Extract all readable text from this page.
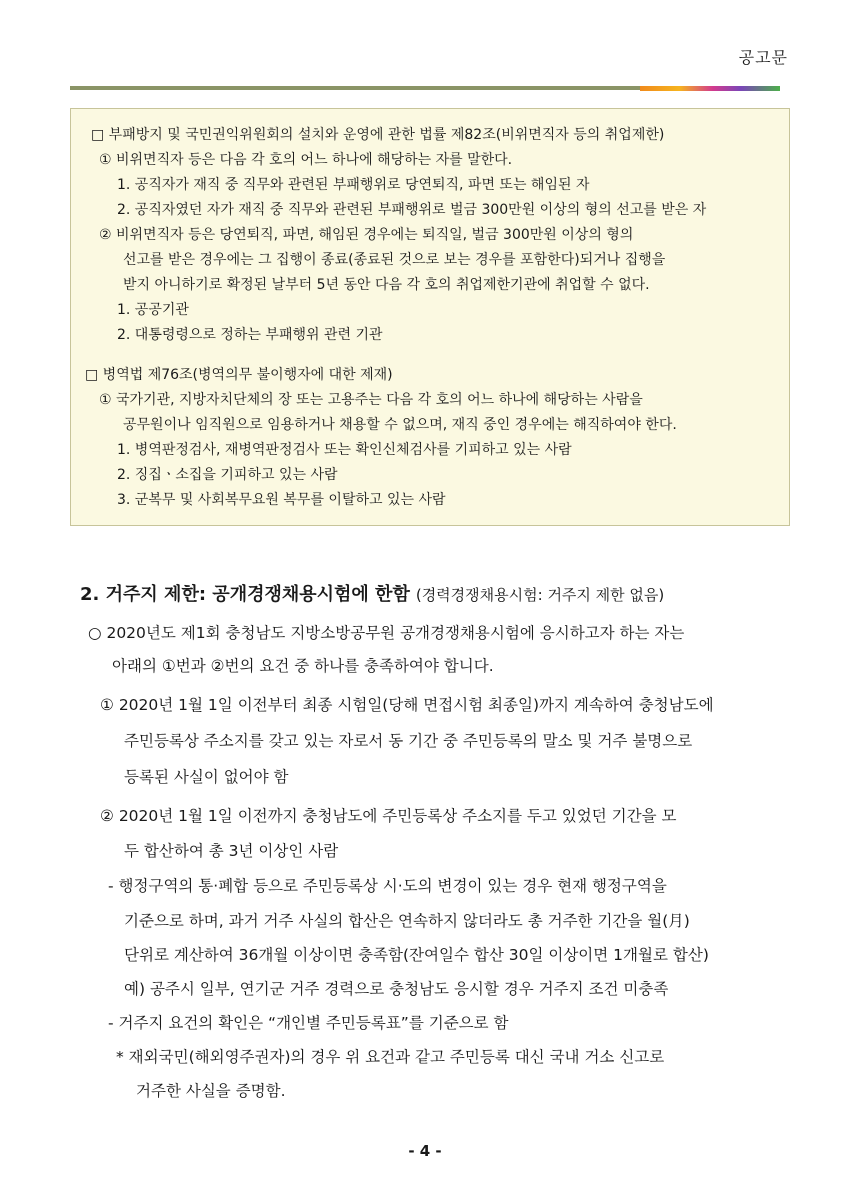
공고문
□ 부패방지 및 국민권익위원회의 설치와 운영에 관한 법률 제82조(비위면직자 등의 취업제한)
① 비위면직자 등은 다음 각 호의 어느 하나에 해당하는 자를 말한다.
1. 공직자가 재직 중 직무와 관련된 부패행위로 당연퇴직, 파면 또는 해임된 자
2. 공직자였던 자가 재직 중 직무와 관련된 부패행위로 벌금 300만원 이상의 형의 선고를 받은 자
② 비위면직자 등은 당연퇴직, 파면, 해임된 경우에는 퇴직일, 벌금 300만원 이상의 형의
선고를 받은 경우에는 그 집행이 종료(종료된 것으로 보는 경우를 포함한다)되거나 집행을
받지 아니하기로 확정된 날부터 5년 동안 다음 각 호의 취업제한기관에 취업할 수 없다.
1. 공공기관
2. 대통령령으로 정하는 부패행위 관련 기관
□ 병역법 제76조(병역의무 불이행자에 대한 제재)
① 국가기관, 지방자치단체의 장 또는 고용주는 다음 각 호의 어느 하나에 해당하는 사람을
공무원이나 임직원으로 임용하거나 채용할 수 없으며, 재직 중인 경우에는 해직하여야 한다.
1. 병역판정검사, 재병역판정검사 또는 확인신체검사를 기피하고 있는 사람
2. 징집ㆍ소집을 기피하고 있는 사람
3. 군복무 및 사회복무요원 복무를 이탈하고 있는 사람
2. 거주지 제한: 공개경쟁채용시험에 한함 (경력경쟁채용시험: 거주지 제한 없음)
○ 2020년도 제1회 충청남도 지방소방공무원 공개경쟁채용시험에 응시하고자 하는 자는
아래의 ①번과 ②번의 요건 중 하나를 충족하여야 합니다.
① 2020년 1월 1일 이전부터 최종 시험일(당해 면접시험 최종일)까지 계속하여 충청남도에
주민등록상 주소지를 갖고 있는 자로서 동 기간 중 주민등록의 말소 및 거주 불명으로
등록된 사실이 없어야 함
② 2020년 1월 1일 이전까지 충청남도에 주민등록상 주소지를 두고 있었던 기간을 모
두 합산하여 총 3년 이상인 사람
- 행정구역의 통·폐합 등으로 주민등록상 시·도의 변경이 있는 경우 현재 행정구역을
기준으로 하며, 과거 거주 사실의 합산은 연속하지 않더라도 총 거주한 기간을 월(月)
단위로 계산하여 36개월 이상이면 충족함(잔여일수 합산 30일 이상이면 1개월로 합산)
예) 공주시 일부, 연기군 거주 경력으로 충청남도 응시할 경우 거주지 조건 미충족
- 거주지 요건의 확인은 “개인별 주민등록표”를 기준으로 함
* 재외국민(해외영주권자)의 경우 위 요건과 같고 주민등록 대신 국내 거소 신고로
거주한 사실을 증명함.
- 4 -
